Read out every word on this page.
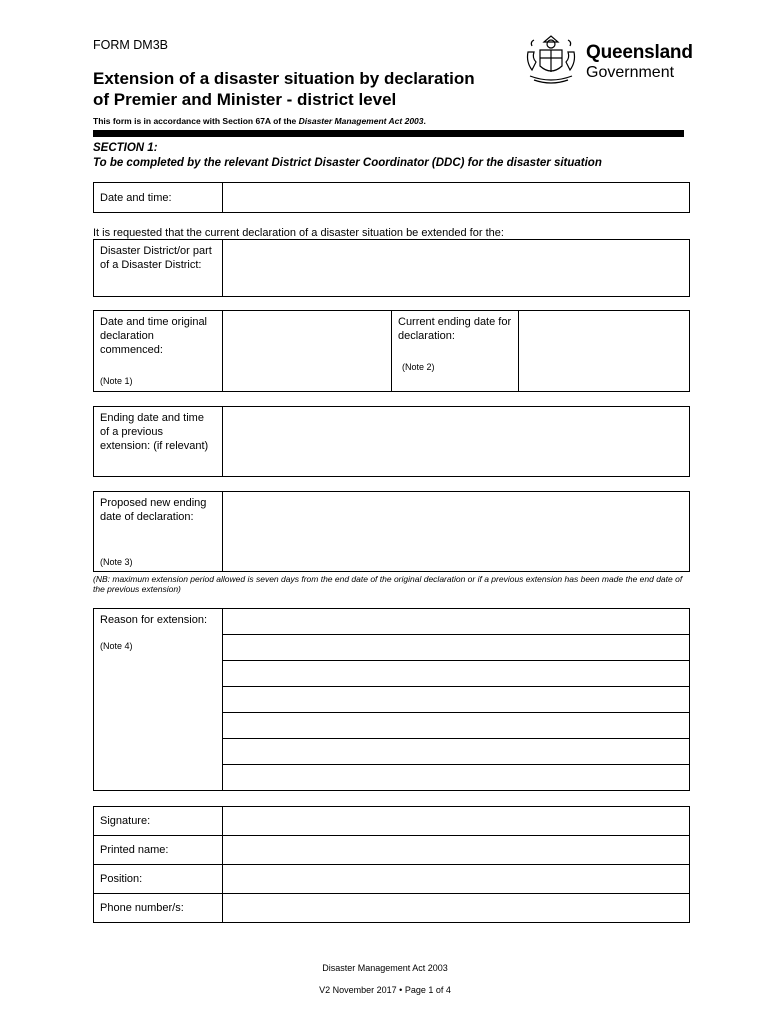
FORM DM3B
Extension of a disaster situation by declaration
of Premier and Minister - district level
Queensland
Government
This form is in accordance with Section 67A of the Disaster Management Act 2003.
SECTION 1:
To be completed by the relevant District Disaster Coordinator (DDC) for the disaster situation
Date and time:	
It is requested that the current declaration of a disaster situation be extended for the:
Disaster District/or part of a Disaster District:	
Date and time original declaration commenced:
(Note 1)
		Current ending date for declaration:
(Note 2)

Ending date and time of a previous extension: (if relevant)	
Proposed new ending date of declaration:
(Note 3)

(NB: maximum extension period allowed is seven days from the end date of the original declaration or if a previous extension has been made the end date of the previous extension)
Reason for extension:
(Note 4)

Signature:	
Printed name:	
Position:	
Phone number/s:	
Disaster Management Act 2003
V2 November 2017 • Page 1 of 4
